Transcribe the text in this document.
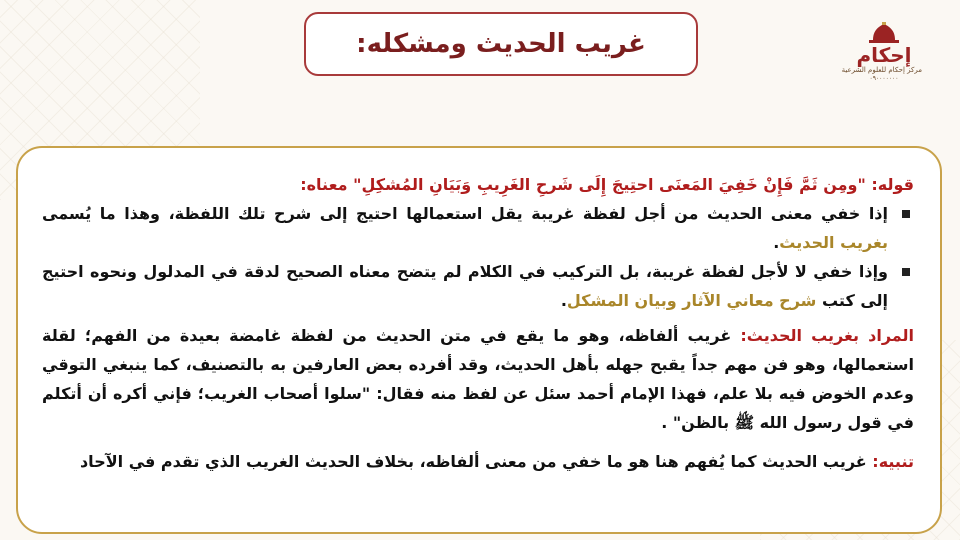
غريب الحديث ومشكله:	إحكام
مركز إحكام للعلوم الشرعية
٠٩٠٠٠٠٠٠٠

قوله: "ومِن ثَمَّ فَإِنْ خَفِيَ المَعنَى احتِيجَ إِلَى شَرحِ الغَرِيبِ وَبَيَانِ المُشكِلِ" معناه:

إذا خفي معنى الحديث من أجل لفظة غريبة يقل استعمالها احتيج إلى شرح تلك اللفظة، وهذا ما يُسمى بغريب الحديث.
وإذا خفي لا لأجل لفظة غريبة، بل التركيب في الكلام لم يتضح معناه الصحيح لدقة في المدلول ونحوه احتيج إلى كتب شرح معاني الآثار وبيان المشكل.

المراد بغريب الحديث: غريب ألفاظه، وهو ما يقع في متن الحديث من لفظة غامضة بعيدة من الفهم؛ لقلة استعمالها، وهو فن مهم جداً يقبح جهله بأهل الحديث، وقد أفرده بعض العارفين به بالتصنيف، كما ينبغي التوقي وعدم الخوض فيه بلا علم، فهذا الإمام أحمد سئل عن لفظ منه فقال: "سلوا أصحاب الغريب؛ فإني أكره أن أتكلم في قول رسول الله ﷺ بالظن" .

تنبيه: غريب الحديث كما يُفهم هنا هو ما خفي من معنى ألفاظه، بخلاف الحديث الغريب الذي تقدم في الآحاد
